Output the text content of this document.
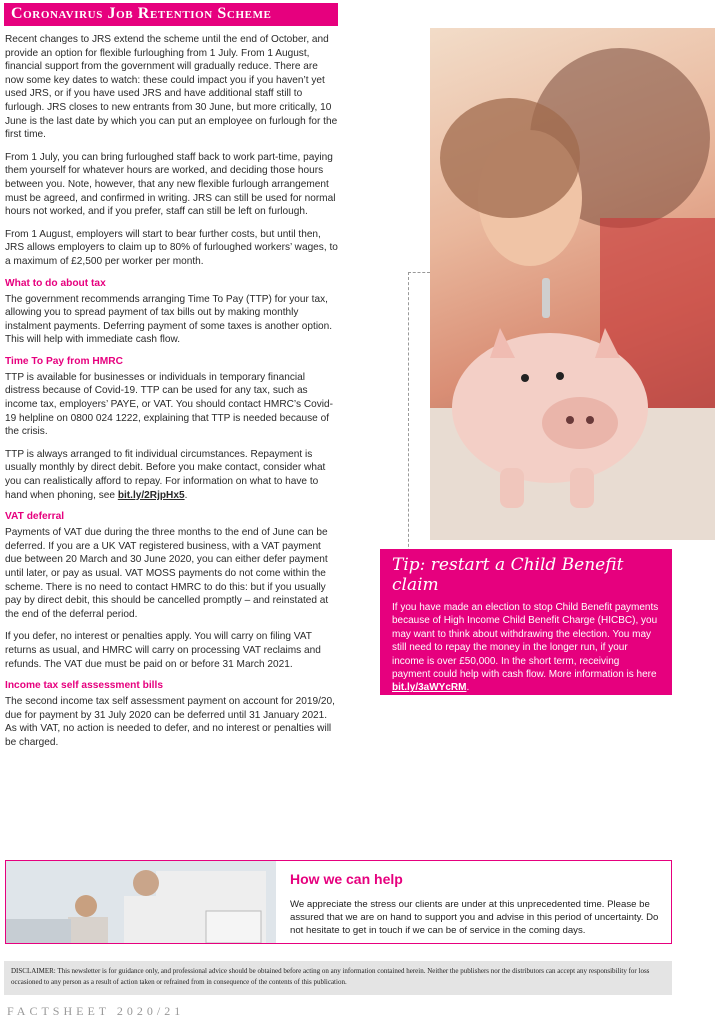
Coronavirus Job Retention Scheme

Recent changes to JRS extend the scheme until the end of October, and provide an option for flexible furloughing from 1 July. From 1 August, financial support from the government will gradually reduce. There are now some key dates to watch: these could impact you if you haven’t yet used JRS, or if you have used JRS and have additional staff still to furlough. JRS closes to new entrants from 30 June, but more critically, 10 June is the last date by which you can put an employee on furlough for the first time.

From 1 July, you can bring furloughed staff back to work part-time, paying them yourself for whatever hours are worked, and deciding those hours between you. Note, however, that any new flexible furlough arrangement must be agreed, and confirmed in writing. JRS can still be used for normal hours not worked, and if you prefer, staff can still be left on furlough.

From 1 August, employers will start to bear further costs, but until then, JRS allows employers to claim up to 80% of furloughed workers’ wages, to a maximum of £2,500 per worker per month.

What to do about tax

The government recommends arranging Time To Pay (TTP) for your tax, allowing you to spread payment of tax bills out by making monthly instalment payments. Deferring payment of some taxes is another option. This will help with immediate cash flow.

Time To Pay from HMRC

TTP is available for businesses or individuals in temporary financial distress because of Covid-19. TTP can be used for any tax, such as income tax, employers’ PAYE, or VAT. You should contact HMRC’s Covid-19 helpline on 0800 024 1222, explaining that TTP is needed because of the crisis.

TTP is always arranged to fit individual circumstances. Repayment is usually monthly by direct debit. Before you make contact, consider what you can realistically afford to repay. For information on what to have to hand when phoning, see bit.ly/2RjpHx5.

VAT deferral

Payments of VAT due during the three months to the end of June can be deferred. If you are a UK VAT registered business, with a VAT payment due between 20 March and 30 June 2020, you can either defer payment until later, or pay as usual. VAT MOSS payments do not come within the scheme. There is no need to contact HMRC to do this: but if you usually pay by direct debit, this should be cancelled promptly – and reinstated at the end of the deferral period.

If you defer, no interest or penalties apply. You will carry on filing VAT returns as usual, and HMRC will carry on processing VAT reclaims and refunds. The VAT due must be paid on or before 31 March 2021.

Income tax self assessment bills

The second income tax self assessment payment on account for 2019/20, due for payment by 31 July 2020 can be deferred until 31 January 2021. As with VAT, no action is needed to defer, and no interest or penalties will be charged.

Tip: restart a Child Benefit claim

If you have made an election to stop Child Benefit payments because of High Income Child Benefit Charge (HICBC), you may want to think about withdrawing the election. You may still need to repay the money in the longer run, if your income is over £50,000. In the short term, receiving payment could help with cash flow. More information is here bit.ly/3aWYcRM.

How we can help

We appreciate the stress our clients are under at this unprecedented time. Please be assured that we are on hand to support you and advise in this period of uncertainty. Do not hesitate to get in touch if we can be of service in the coming days.

DISCLAIMER: This newsletter is for guidance only, and professional advice should be obtained before acting on any information contained herein. Neither the publishers nor the distributors can accept any responsibility for loss occasioned to any person as a result of action taken or refrained from in consequence of the contents of this publication.
FACTSHEET 2020/21
